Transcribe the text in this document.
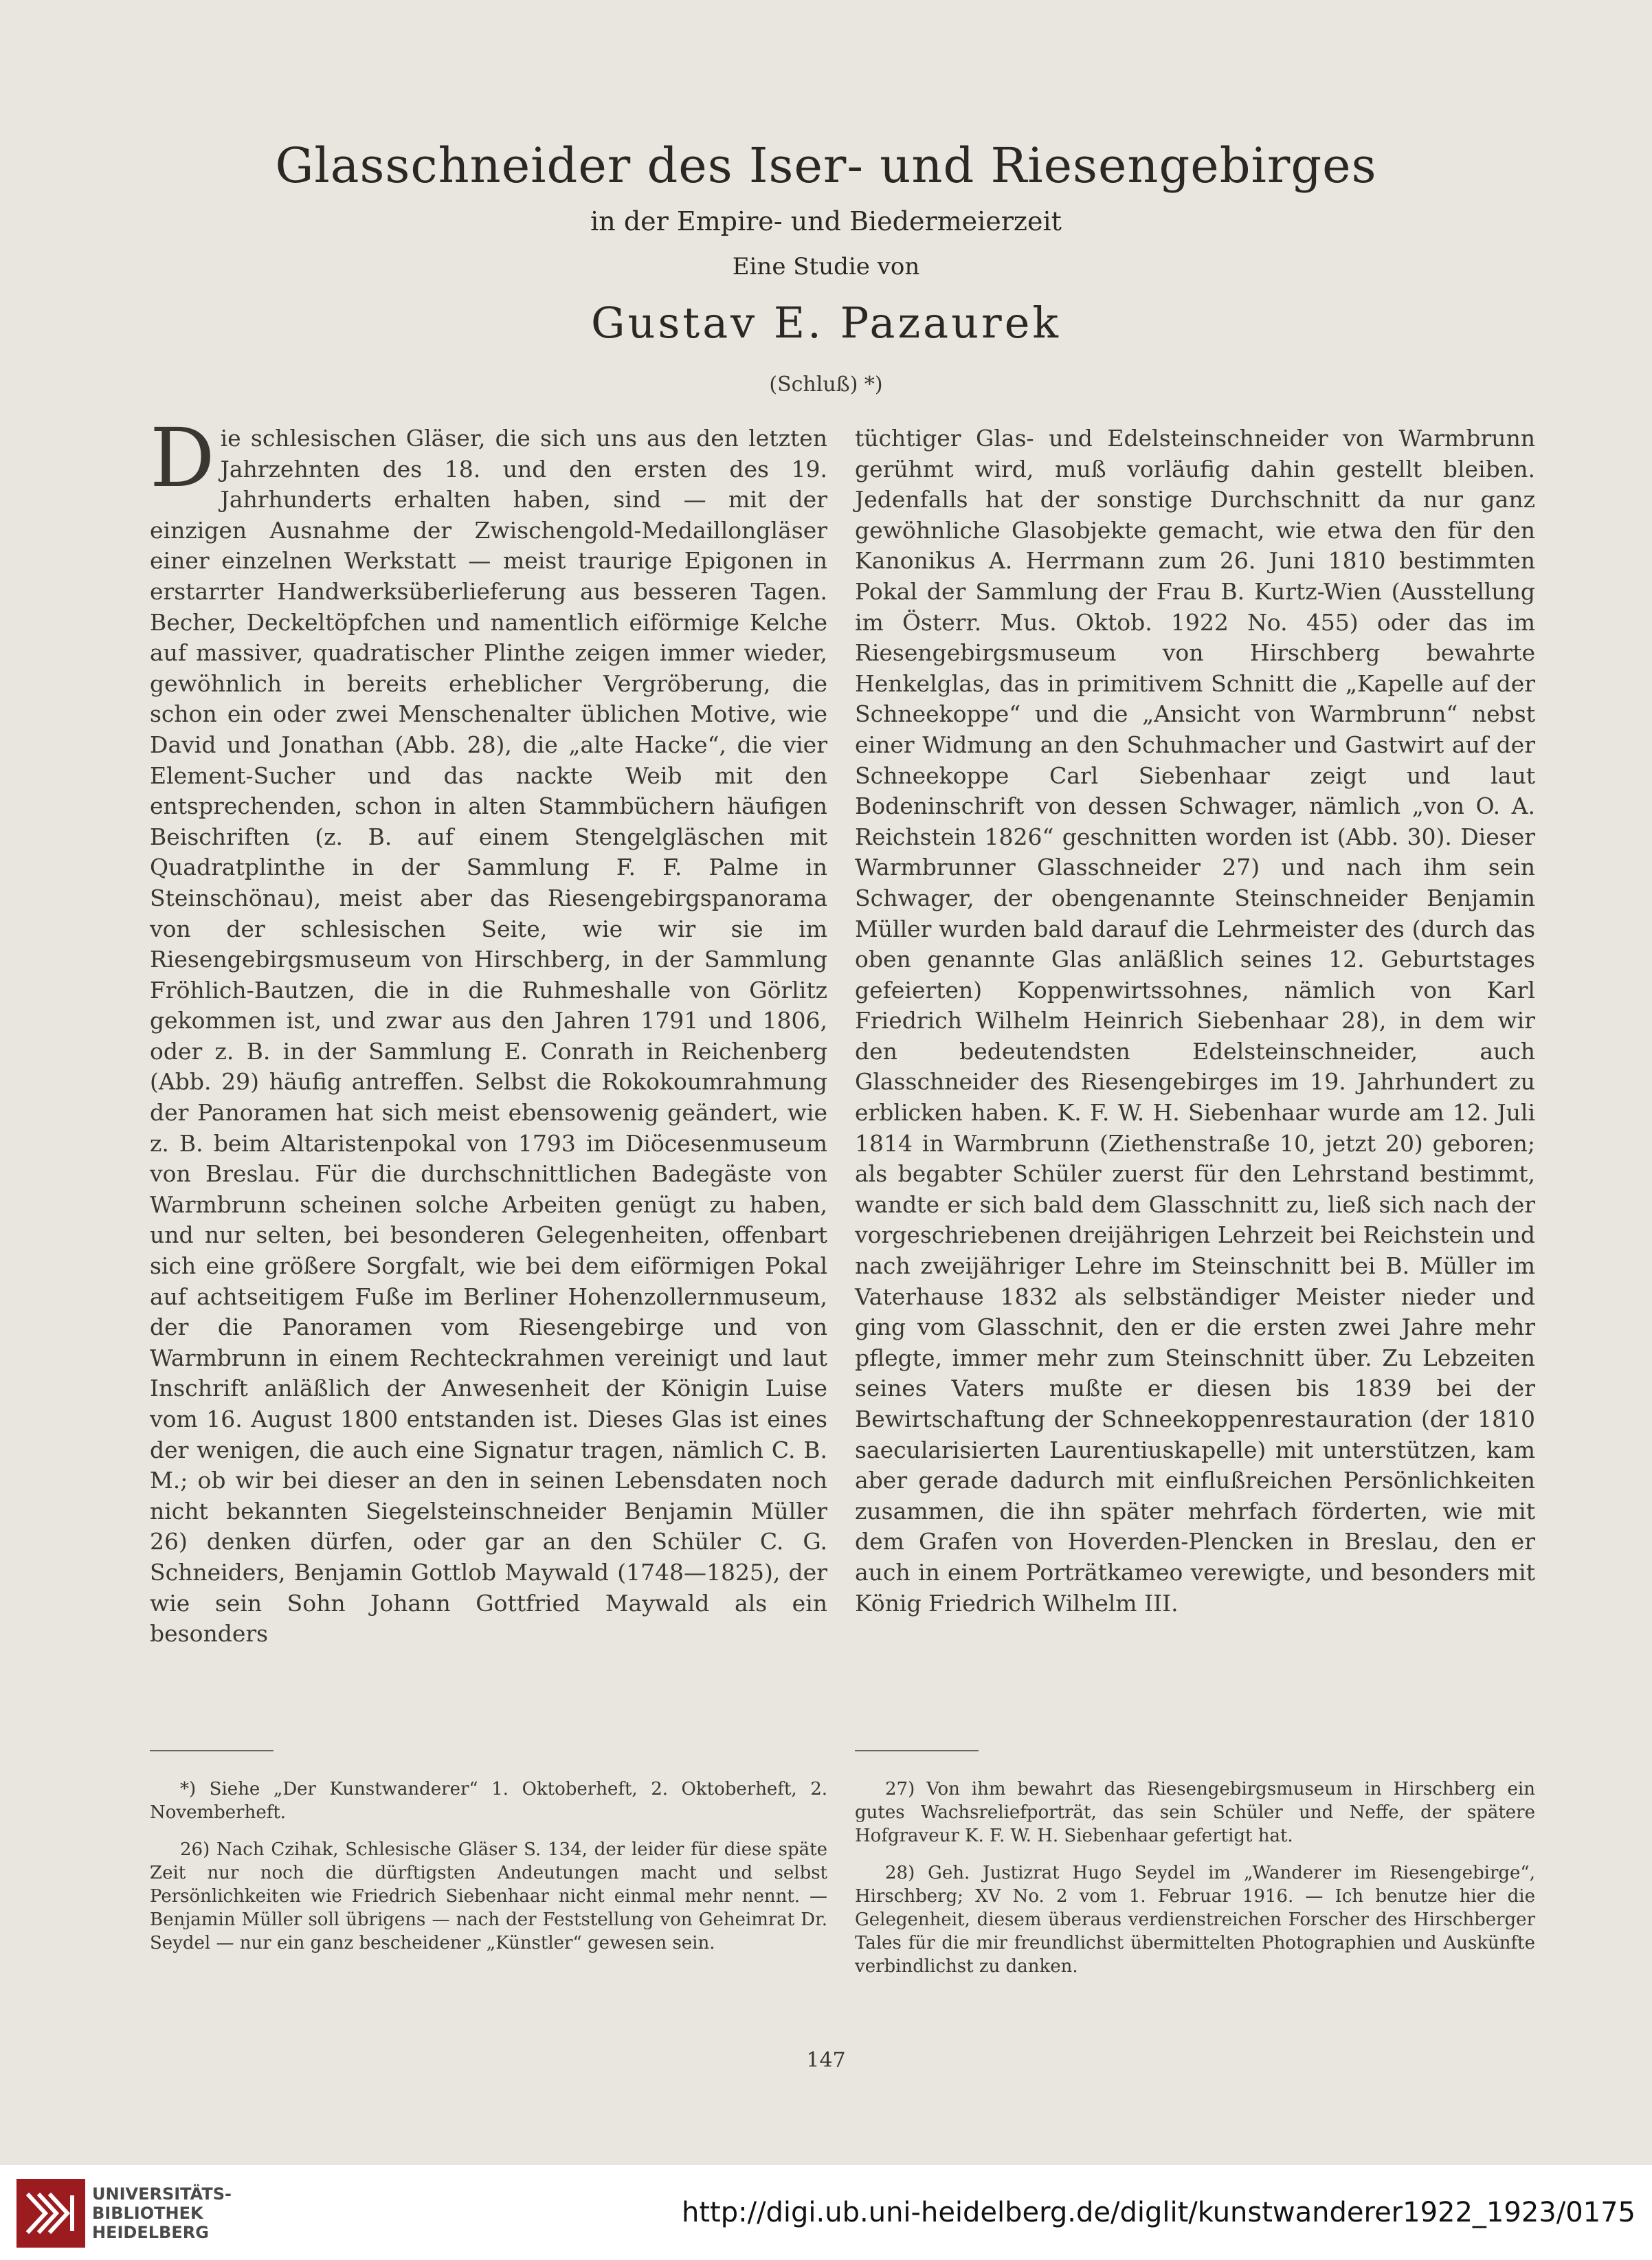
Glasschneider des Iser- und Riesengebirges
in der Empire- und Biedermeierzeit
Eine Studie von
Gustav E. Pazaurek
(Schluß) *)
Die schlesischen Gläser, die sich uns aus den letzten Jahrzehnten des 18. und den ersten des 19. Jahrhunderts erhalten haben, sind — mit der einzigen Ausnahme der Zwischengold-Medaillongläser einer einzelnen Werkstatt — meist traurige Epigonen in erstarrter Handwerksüberlieferung aus besseren Tagen. Becher, Deckeltöpfchen und namentlich eiförmige Kelche auf massiver, quadratischer Plinthe zeigen immer wieder, gewöhnlich in bereits erheblicher Vergröberung, die schon ein oder zwei Menschenalter üblichen Motive, wie David und Jonathan (Abb. 28), die „alte Hacke“, die vier Element-Sucher und das nackte Weib mit den entsprechenden, schon in alten Stammbüchern häufigen Beischriften (z. B. auf einem Stengelgläschen mit Quadratplinthe in der Sammlung F. F. Palme in Steinschönau), meist aber das Riesengebirgspanorama von der schlesischen Seite, wie wir sie im Riesengebirgsmuseum von Hirschberg, in der Sammlung Fröhlich-Bautzen, die in die Ruhmeshalle von Görlitz gekommen ist, und zwar aus den Jahren 1791 und 1806, oder z. B. in der Sammlung E. Conrath in Reichenberg (Abb. 29) häufig antreffen. Selbst die Rokokoumrahmung der Panoramen hat sich meist ebensowenig geändert, wie z. B. beim Altaristenpokal von 1793 im Diöcesenmuseum von Breslau. Für die durchschnittlichen Badegäste von Warmbrunn scheinen solche Arbeiten genügt zu haben, und nur selten, bei besonderen Gelegenheiten, offenbart sich eine größere Sorgfalt, wie bei dem eiförmigen Pokal auf achtseitigem Fuße im Berliner Hohenzollernmuseum, der die Panoramen vom Riesengebirge und von Warmbrunn in einem Rechteckrahmen vereinigt und laut Inschrift anläßlich der Anwesenheit der Königin Luise vom 16. August 1800 entstanden ist. Dieses Glas ist eines der wenigen, die auch eine Signatur tragen, nämlich C. B. M.; ob wir bei dieser an den in seinen Lebensdaten noch nicht bekannten Siegelsteinschneider Benjamin Müller 26) denken dürfen, oder gar an den Schüler C. G. Schneiders, Benjamin Gottlob Maywald (1748—1825), der wie sein Sohn Johann Gottfried Maywald als ein besonders
tüchtiger Glas- und Edelsteinschneider von Warmbrunn gerühmt wird, muß vorläufig dahin gestellt bleiben. Jedenfalls hat der sonstige Durchschnitt da nur ganz gewöhnliche Glasobjekte gemacht, wie etwa den für den Kanonikus A. Herrmann zum 26. Juni 1810 bestimmten Pokal der Sammlung der Frau B. Kurtz-Wien (Ausstellung im Österr. Mus. Oktob. 1922 No. 455) oder das im Riesengebirgsmuseum von Hirschberg bewahrte Henkelglas, das in primitivem Schnitt die „Kapelle auf der Schneekoppe“ und die „Ansicht von Warmbrunn“ nebst einer Widmung an den Schuhmacher und Gastwirt auf der Schneekoppe Carl Siebenhaar zeigt und laut Bodeninschrift von dessen Schwager, nämlich „von O. A. Reichstein 1826“ geschnitten worden ist (Abb. 30). Dieser Warmbrunner Glasschneider 27) und nach ihm sein Schwager, der obengenannte Steinschneider Benjamin Müller wurden bald darauf die Lehrmeister des (durch das oben genannte Glas anläßlich seines 12. Geburtstages gefeierten) Koppenwirtssohnes, nämlich von Karl Friedrich Wilhelm Heinrich Siebenhaar 28), in dem wir den bedeutendsten Edelsteinschneider, auch Glasschneider des Riesengebirges im 19. Jahrhundert zu erblicken haben. K. F. W. H. Siebenhaar wurde am 12. Juli 1814 in Warmbrunn (Ziethenstraße 10, jetzt 20) geboren; als begabter Schüler zuerst für den Lehrstand bestimmt, wandte er sich bald dem Glasschnitt zu, ließ sich nach der vorgeschriebenen dreijährigen Lehrzeit bei Reichstein und nach zweijähriger Lehre im Steinschnitt bei B. Müller im Vaterhause 1832 als selbständiger Meister nieder und ging vom Glasschnit, den er die ersten zwei Jahre mehr pflegte, immer mehr zum Steinschnitt über. Zu Lebzeiten seines Vaters mußte er diesen bis 1839 bei der Bewirtschaftung der Schneekoppenrestauration (der 1810 saecularisierten Laurentiuskapelle) mit unterstützen, kam aber gerade dadurch mit einflußreichen Persönlichkeiten zusammen, die ihn später mehrfach förderten, wie mit dem Grafen von Hoverden-Plencken in Breslau, den er auch in einem Porträtkameo verewigte, und besonders mit König Friedrich Wilhelm III.

*) Siehe „Der Kunstwanderer“ 1. Oktoberheft, 2. Oktoberheft, 2. Novemberheft.

26) Nach Czihak, Schlesische Gläser S. 134, der leider für diese späte Zeit nur noch die dürftigsten Andeutungen macht und selbst Persönlichkeiten wie Friedrich Siebenhaar nicht einmal mehr nennt. — Benjamin Müller soll übrigens — nach der Feststellung von Geheimrat Dr. Seydel — nur ein ganz bescheidener „Künstler“ gewesen sein.

27) Von ihm bewahrt das Riesengebirgsmuseum in Hirschberg ein gutes Wachsreliefporträt, das sein Schüler und Neffe, der spätere Hofgraveur K. F. W. H. Siebenhaar gefertigt hat.

28) Geh. Justizrat Hugo Seydel im „Wanderer im Riesengebirge“, Hirschberg; XV No. 2 vom 1. Februar 1916. — Ich benutze hier die Gelegenheit, diesem überaus verdienstreichen Forscher des Hirschberger Tales für die mir freundlichst übermittelten Photographien und Auskünfte verbindlichst zu danken.

147
UNIVERSITÄTS-
BIBLIOTHEK
HEIDELBERG
http://digi.ub.uni-heidelberg.de/diglit/kunstwanderer1922_1923/0175
